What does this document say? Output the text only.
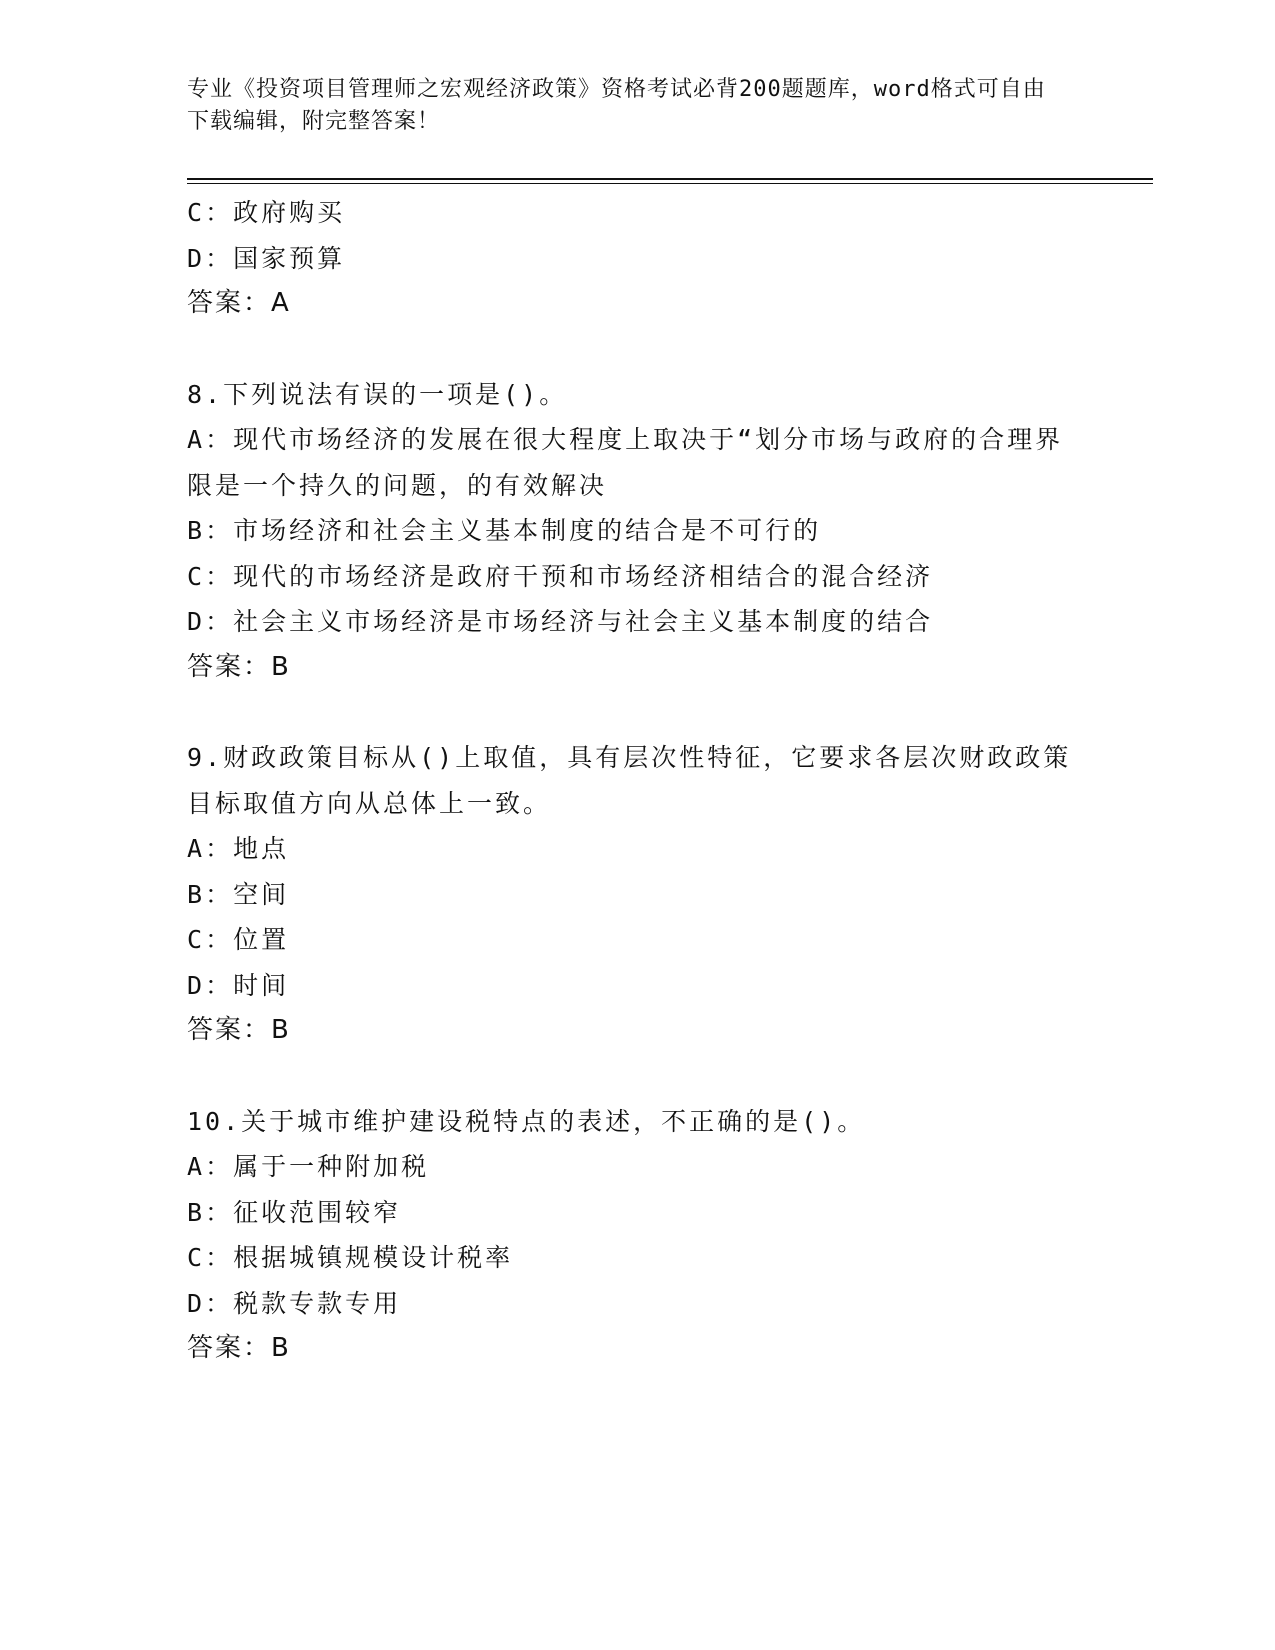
专业《投资项目管理师之宏观经济政策》资格考试必背200题题库，word格式可自由下载编辑，附完整答案！
C：政府购买
D：国家预算
答案：A
8.下列说法有误的一项是()。
A：现代市场经济的发展在很大程度上取决于“划分市场与政府的合理界限是一个持久的问题，的有效解决
B：市场经济和社会主义基本制度的结合是不可行的
C：现代的市场经济是政府干预和市场经济相结合的混合经济
D：社会主义市场经济是市场经济与社会主义基本制度的结合
答案：B
9.财政政策目标从()上取值，具有层次性特征，它要求各层次财政政策目标取值方向从总体上一致。
A：地点
B：空间
C：位置
D：时间
答案：B
10.关于城市维护建设税特点的表述，不正确的是()。
A：属于一种附加税
B：征收范围较窄
C：根据城镇规模设计税率
D：税款专款专用
答案：B
